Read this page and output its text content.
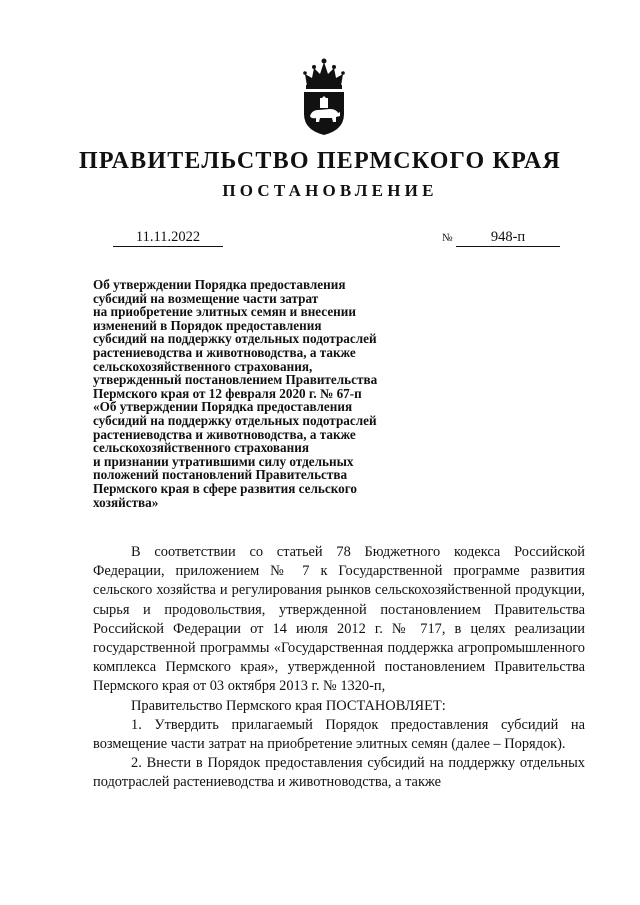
ПРАВИТЕЛЬСТВО ПЕРМСКОГО КРАЯ
ПОСТАНОВЛЕНИЕ
11.11.2022	№	948-п
Об утверждении Порядка предоставления
субсидий на возмещение части затрат
на приобретение элитных семян и внесении
изменений в Порядок предоставления
субсидий на поддержку отдельных подотраслей
растениеводства и животноводства, а также
сельскохозяйственного страхования,
утвержденный постановлением Правительства
Пермского края от 12 февраля 2020 г. № 67-п
«Об утверждении Порядка предоставления
субсидий на поддержку отдельных подотраслей
растениеводства и животноводства, а также
сельскохозяйственного страхования
и признании утратившими силу отдельных
положений постановлений Правительства
Пермского края в сфере развития сельского
хозяйства»

В соответствии со статьей 78 Бюджетного кодекса Российской Федерации, приложением № 7 к Государственной программе развития сельского хозяйства и регулирования рынков сельскохозяйственной продукции, сырья и продовольствия, утвержденной постановлением Правительства Российской Федерации от 14 июля 2012 г. № 717, в целях реализации государственной программы «Государственная поддержка агропромышленного комплекса Пермского края», утвержденной постановлением Правительства Пермского края от 03 октября 2013 г. № 1320-п,

Правительство Пермского края ПОСТАНОВЛЯЕТ:

1. Утвердить прилагаемый Порядок предоставления субсидий на возмещение части затрат на приобретение элитных семян (далее – Порядок).

2. Внести в Порядок предоставления субсидий на поддержку отдельных подотраслей растениеводства и животноводства, а также
